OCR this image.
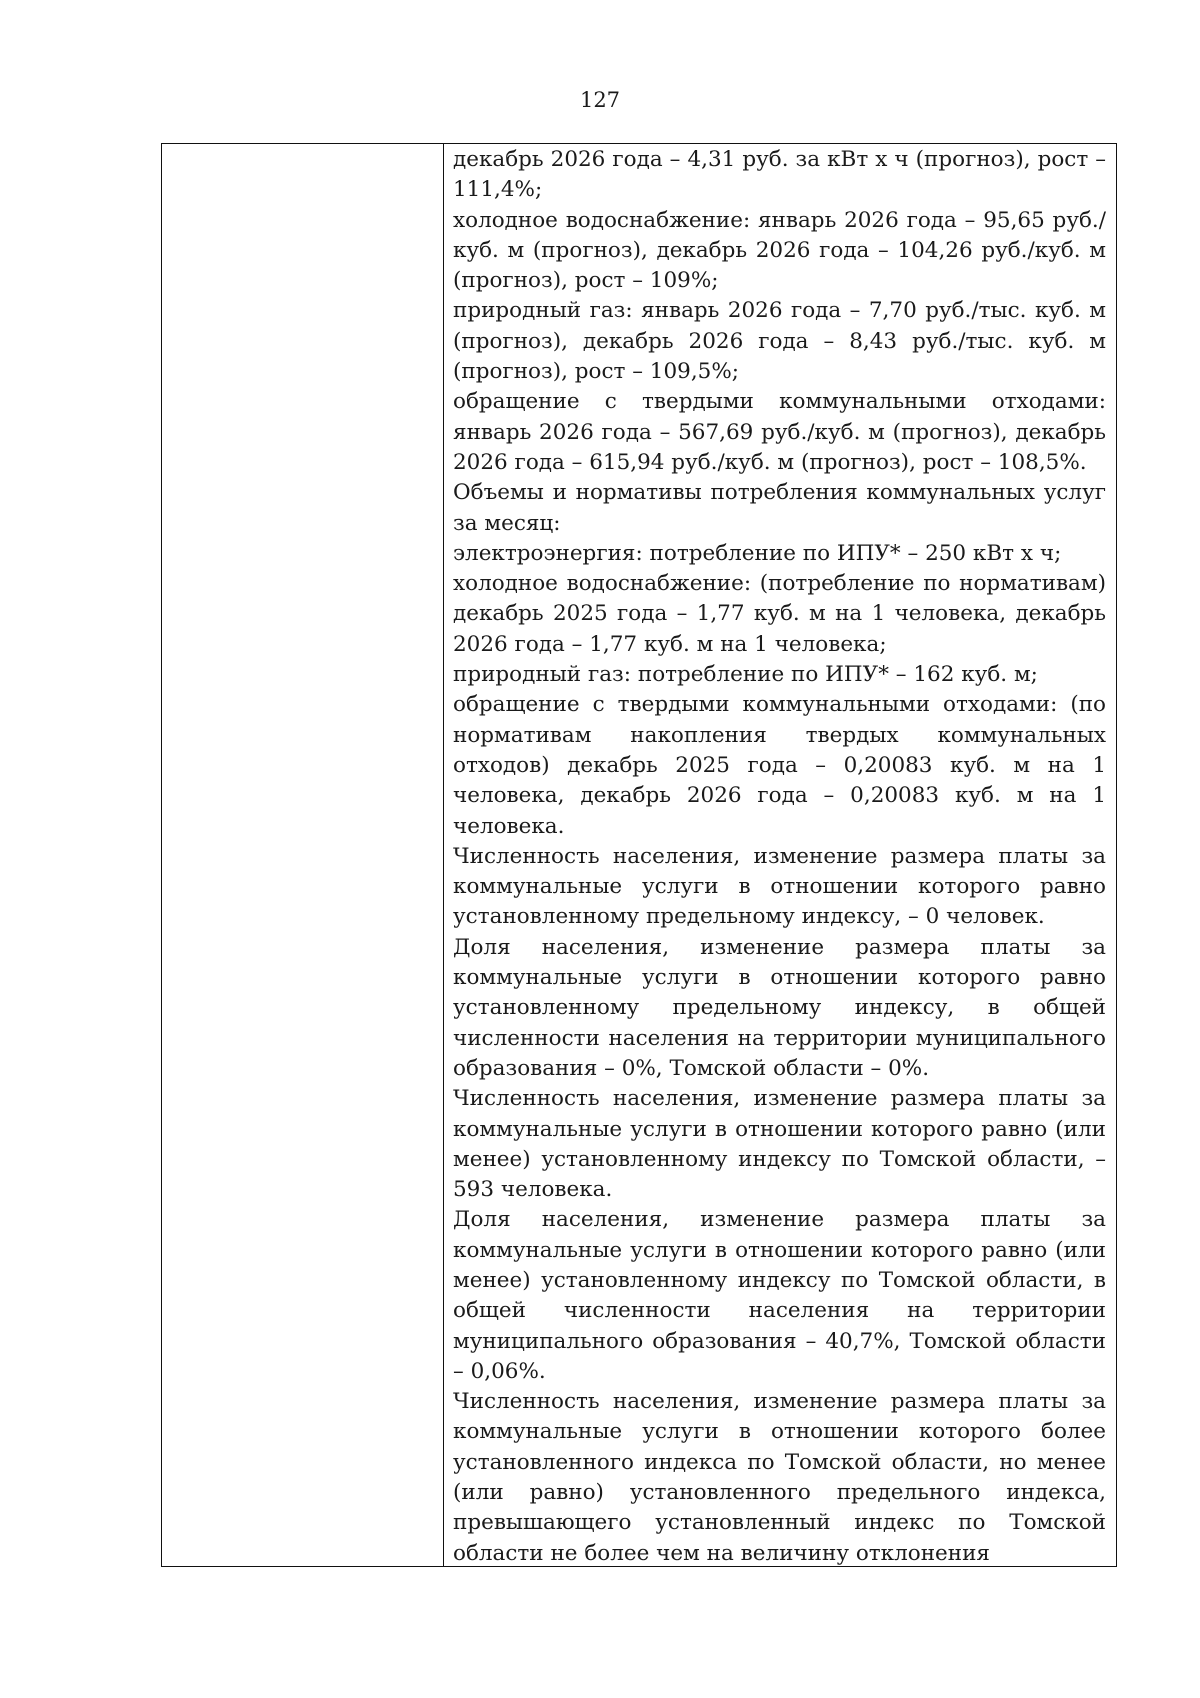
127

декабрь 2026 года – 4,31 руб. за кВт х ч (прогноз), рост – 111,4%;

холодное водоснабжение: январь 2026 года – 95,65 руб./куб. м (прогноз), декабрь 2026 года – 104,26 руб./куб. м (прогноз), рост – 109%;

природный газ: январь 2026 года – 7,70 руб./тыс. куб. м (прогноз), декабрь 2026 года – 8,43 руб./тыс. куб. м (прогноз), рост – 109,5%;

обращение с твердыми коммунальными отходами: январь 2026 года – 567,69 руб./куб. м (прогноз), декабрь 2026 года – 615,94 руб./куб. м (прогноз), рост – 108,5%.

Объемы и нормативы потребления коммунальных услуг за месяц:

электроэнергия: потребление по ИПУ* – 250 кВт х ч;

холодное водоснабжение: (потребление по нормативам) декабрь 2025 года – 1,77 куб. м на 1 человека, декабрь 2026 года – 1,77 куб. м на 1 человека;

природный газ: потребление по ИПУ* – 162 куб. м;

обращение с твердыми коммунальными отходами: (по нормативам накопления твердых коммунальных отходов) декабрь 2025 года – 0,20083 куб. м на 1 человека, декабрь 2026 года – 0,20083 куб. м на 1 человека.

Численность населения, изменение размера платы за коммунальные услуги в отношении которого равно установленному предельному индексу, – 0 человек.

Доля населения, изменение размера платы за коммунальные услуги в отношении которого равно установленному предельному индексу, в общей численности населения на территории муниципального образования – 0%, Томской области – 0%.

Численность населения, изменение размера платы за коммунальные услуги в отношении которого равно (или менее) установленному индексу по Томской области, – 593 человека.

Доля населения, изменение размера платы за коммунальные услуги в отношении которого равно (или менее) установленному индексу по Томской области, в общей численности населения на территории муниципального образования – 40,7%, Томской области – 0,06%.

Численность населения, изменение размера платы за коммунальные услуги в отношении которого более установленного индекса по Томской области, но менее (или равно) установленного предельного индекса, превышающего установленный индекс по Томской области не более чем на величину отклонения
